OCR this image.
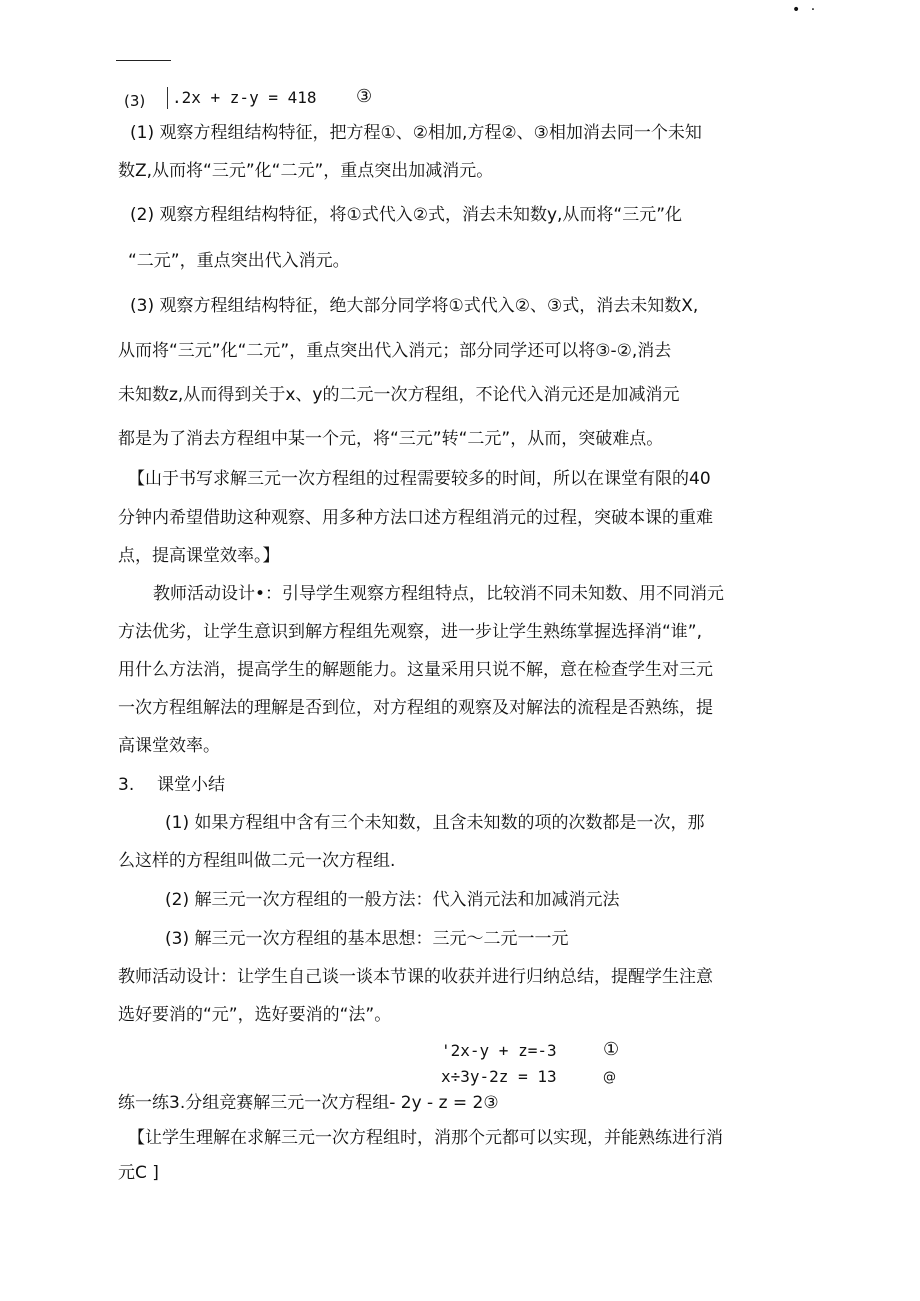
• ·
(3) .2x + z-y = 418 ③
(1) 观察方程组结构特征，把方程①、②相加,方程②、③相加消去同一个未知
数Z,从而将“三元”化“二元”，重点突出加减消元。
(2) 观察方程组结构特征，将①式代入②式，消去未知数y,从而将“三元”化
“二元”，重点突出代入消元。
(3) 观察方程组结构特征，绝大部分同学将①式代入②、③式，消去未知数X,
从而将“三元”化“二元”，重点突出代入消元；部分同学还可以将③-②,消去
未知数z,从而得到关于x、y的二元一次方程组，不论代入消元还是加减消元
都是为了消去方程组中某一个元，将“三元”转“二元”，从而，突破难点。
【山于书写求解三元一次方程组的过程需要较多的时间，所以在课堂有限的40
分钟内希望借助这种观察、用多种方法口述方程组消元的过程，突破本课的重难
点，提高课堂效率。】
教师活动设计•：引导学生观察方程组特点，比较消不同未知数、用不同消元
方法优劣，让学生意识到解方程组先观察，进一步让学生熟练掌握选择消“谁”,
用什么方法消，提高学生的解题能力。这量采用只说不解，意在检查学生对三元
一次方程组解法的理解是否到位，对方程组的观察及对解法的流程是否熟练，提
高课堂效率。
3. 课堂小结
(1) 如果方程组中含有三个未知数，且含未知数的项的次数都是一次，那
么这样的方程组叫做二元一次方程组.
(2) 解三元一次方程组的一般方法：代入消元法和加减消元法
(3) 解三元一次方程组的基本思想：三元～二元一一元
教师活动设计：让学生自己谈一谈本节课的收获并进行归纳总结，提醒学生注意
选好要消的“元”，选好要消的“法”。
'2x-y + z=-3	①
x÷3y-2z = 13	@
练一练3.分组竞赛解三元一次方程组- 2y - z = 2③
【让学生理解在求解三元一次方程组时，消那个元都可以实现，并能熟练进行消
元C ]
